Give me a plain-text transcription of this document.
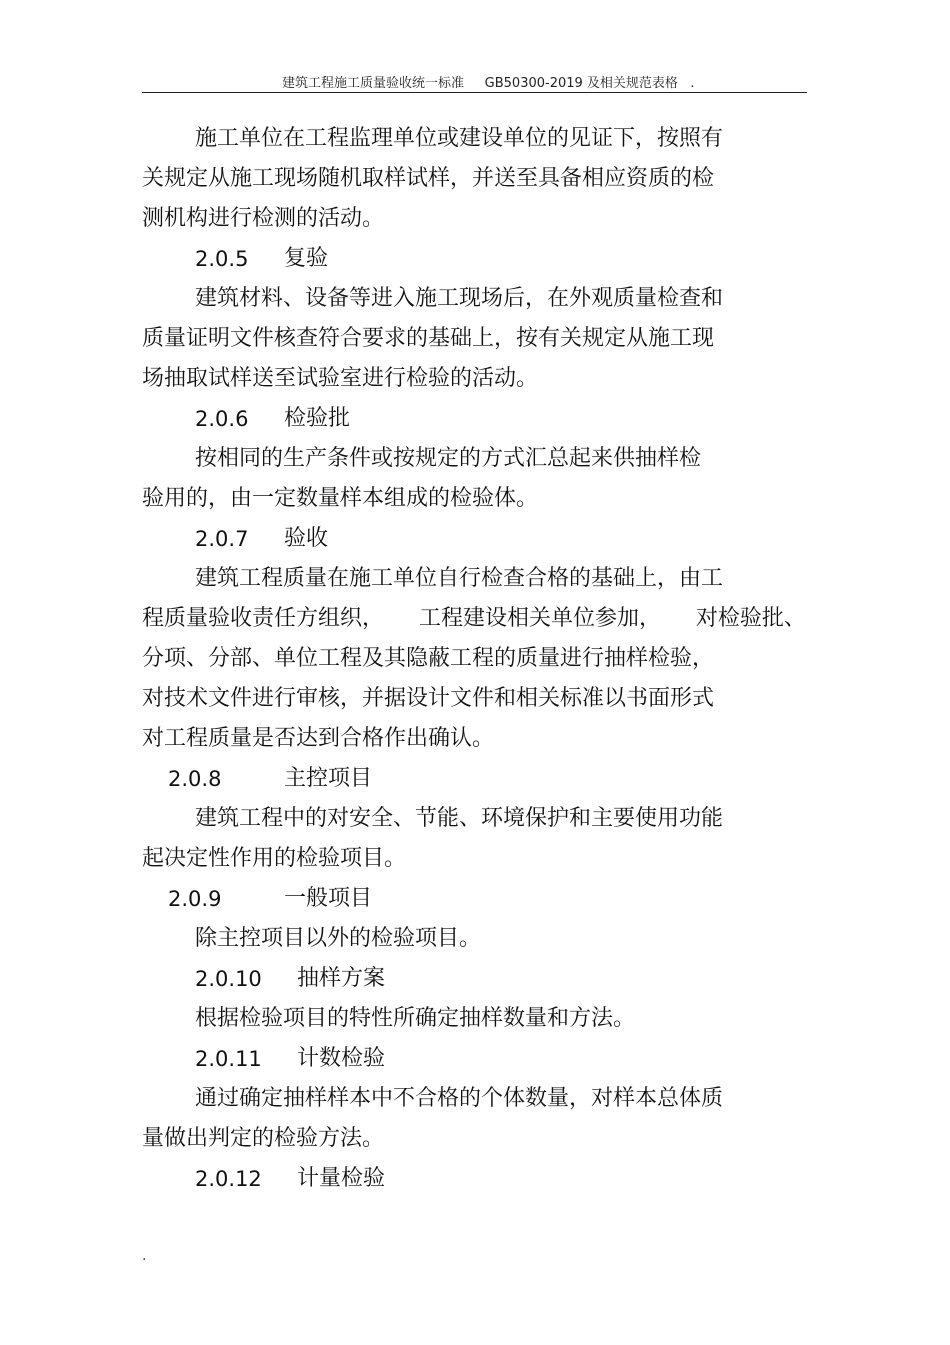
建筑工程施工质量验收统一标准     GB50300-2019 及相关规范表格   .
施工单位在工程监理单位或建设单位的见证下，按照有
关规定从施工现场随机取样试样，并送至具备相应资质的检
测机构进行检测的活动。
2.0.5 复验
建筑材料、设备等进入施工现场后，在外观质量检查和
质量证明文件核查符合要求的基础上，按有关规定从施工现
场抽取试样送至试验室进行检验的活动。
2.0.6 检验批
按相同的生产条件或按规定的方式汇总起来供抽样检
验用的，由一定数量样本组成的检验体。
2.0.7 验收
建筑工程质量在施工单位自行检查合格的基础上，由工
程质量验收责任方组织，     工程建设相关单位参加，     对检验批、
分项、分部、单位工程及其隐蔽工程的质量进行抽样检验，
对技术文件进行审核，并据设计文件和相关标准以书面形式
对工程质量是否达到合格作出确认。
2.0.8	主控项目
建筑工程中的对安全、节能、环境保护和主要使用功能
起决定性作用的检验项目。
2.0.9	一般项目
除主控项目以外的检验项目。
2.0.10 抽样方案
根据检验项目的特性所确定抽样数量和方法。
2.0.11 计数检验
通过确定抽样样本中不合格的个体数量，对样本总体质
量做出判定的检验方法。
2.0.12 计量检验
.
